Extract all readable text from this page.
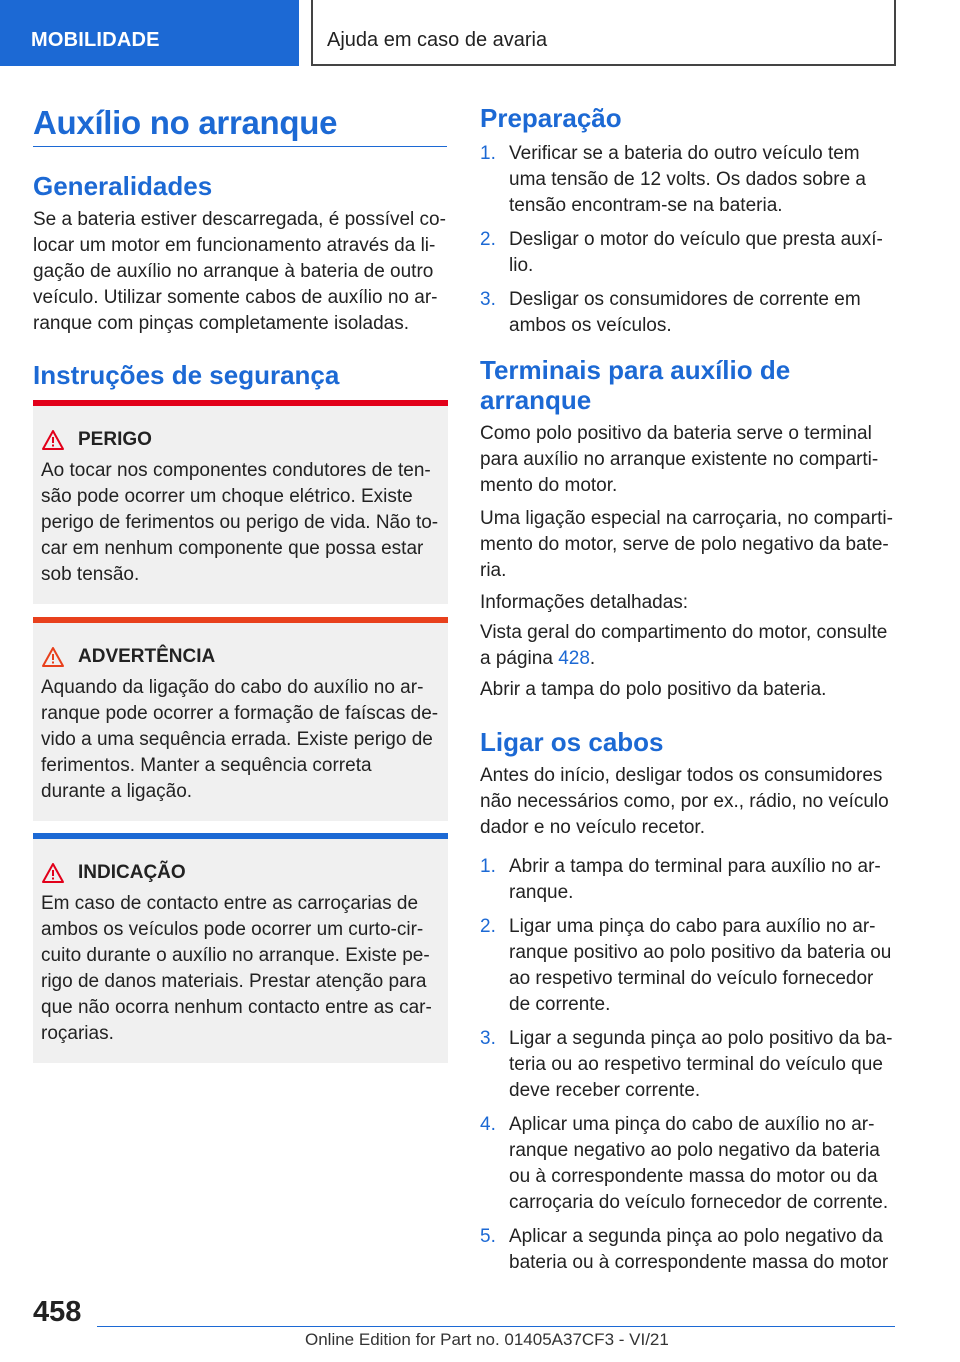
MOBILIDADE	Ajuda em caso de avaria
Auxílio no arranque
Generalidades
Se a bateria estiver descarregada, é possível co-locar um motor em funcionamento através da li-gação de auxílio no arranque à bateria de outro veículo. Utilizar somente cabos de auxílio no ar-ranque com pinças completamente isoladas.
Instruções de segurança
PERIGO
Ao tocar nos componentes condutores de ten-são pode ocorrer um choque elétrico. Existe perigo de ferimentos ou perigo de vida. Não to-car em nenhum componente que possa estar sob tensão.
ADVERTÊNCIA
Aquando da ligação do cabo do auxílio no ar-ranque pode ocorrer a formação de faíscas de-vido a uma sequência errada. Existe perigo de ferimentos. Manter a sequência correta durante a ligação.
INDICAÇÃO
Em caso de contacto entre as carroçarias de ambos os veículos pode ocorrer um curto-cir-cuito durante o auxílio no arranque. Existe pe-rigo de danos materiais. Prestar atenção para que não ocorra nenhum contacto entre as car-roçarias.
Preparação
1. Verificar se a bateria do outro veículo tem uma tensão de 12 volts. Os dados sobre a tensão encontram-se na bateria.
2. Desligar o motor do veículo que presta auxí-lio.
3. Desligar os consumidores de corrente em ambos os veículos.
Terminais para auxílio de arranque
Como polo positivo da bateria serve o terminal para auxílio no arranque existente no comparti-mento do motor.
Uma ligação especial na carroçaria, no comparti-mento do motor, serve de polo negativo da bate-ria.
Informações detalhadas:
Vista geral do compartimento do motor, consulte a página 428.
Abrir a tampa do polo positivo da bateria.
Ligar os cabos
Antes do início, desligar todos os consumidores não necessários como, por ex., rádio, no veículo dador e no veículo recetor.
1. Abrir a tampa do terminal para auxílio no ar-ranque.
2. Ligar uma pinça do cabo para auxílio no ar-ranque positivo ao polo positivo da bateria ou ao respetivo terminal do veículo fornecedor de corrente.
3. Ligar a segunda pinça ao polo positivo da ba-teria ou ao respetivo terminal do veículo que deve receber corrente.
4. Aplicar uma pinça do cabo de auxílio no ar-ranque negativo ao polo negativo da bateria ou à correspondente massa do motor ou da carroçaria do veículo fornecedor de corrente.
5. Aplicar a segunda pinça ao polo negativo da bateria ou à correspondente massa do motor
458
Online Edition for Part no. 01405A37CF3 - VI/21
